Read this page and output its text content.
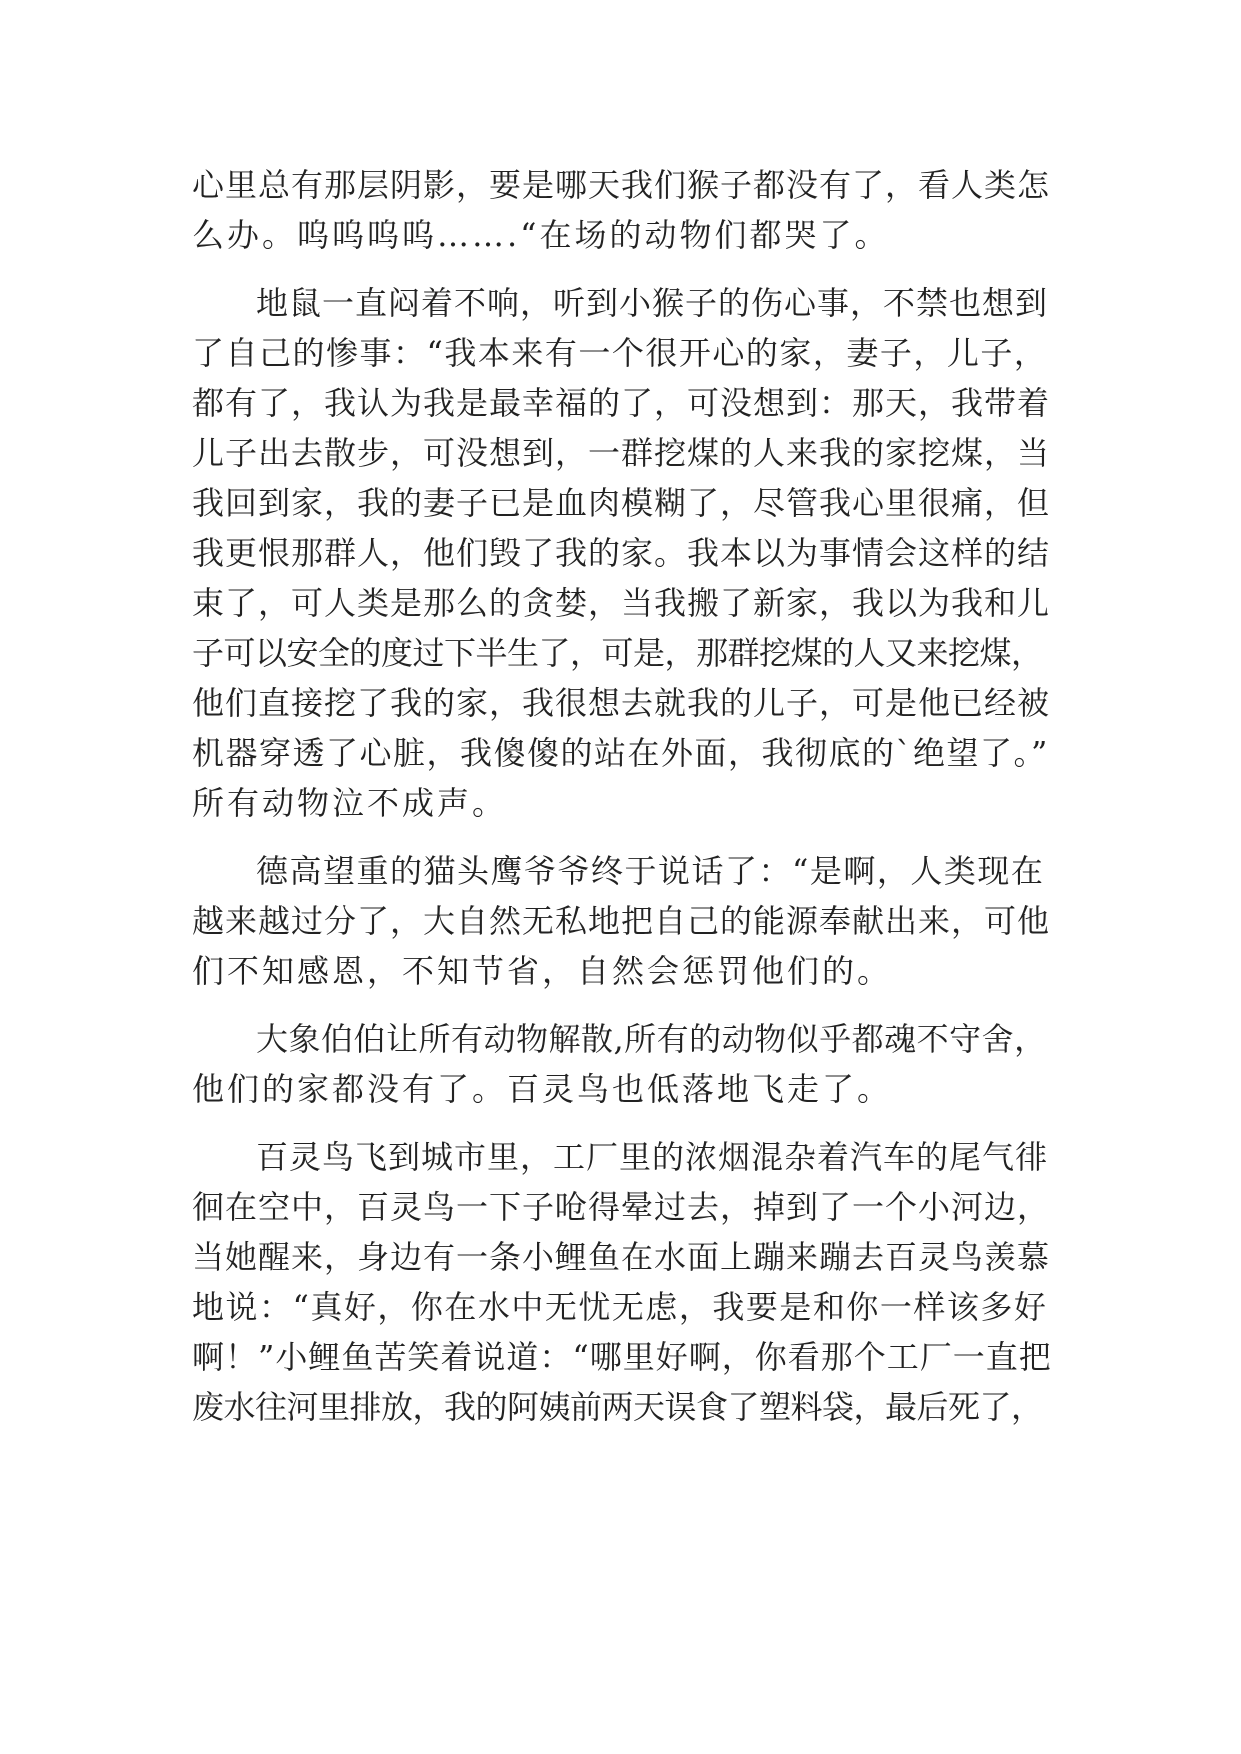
心里总有那层阴影，要是哪天我们猴子都没有了，看人类怎
么办。呜呜呜呜…….“在场的动物们都哭了。
地鼠一直闷着不响，听到小猴子的伤心事，不禁也想到
了自己的惨事：“我本来有一个很开心的家，妻子，儿子，
都有了，我认为我是最幸福的了，可没想到：那天，我带着
儿子出去散步，可没想到，一群挖煤的人来我的家挖煤，当
我回到家，我的妻子已是血肉模糊了，尽管我心里很痛，但
我更恨那群人，他们毁了我的家。我本以为事情会这样的结
束了，可人类是那么的贪婪，当我搬了新家，我以为我和儿
子可以安全的度过下半生了，可是，那群挖煤的人又来挖煤，
他们直接挖了我的家，我很想去就我的儿子，可是他已经被
机器穿透了心脏，我傻傻的站在外面，我彻底的`绝望了。”
所有动物泣不成声。
德高望重的猫头鹰爷爷终于说话了：“是啊，人类现在
越来越过分了，大自然无私地把自己的能源奉献出来，可他
们不知感恩，不知节省，自然会惩罚他们的。
大象伯伯让所有动物解散,所有的动物似乎都魂不守舍，
他们的家都没有了。百灵鸟也低落地飞走了。
百灵鸟飞到城市里，工厂里的浓烟混杂着汽车的尾气徘
徊在空中，百灵鸟一下子呛得晕过去，掉到了一个小河边，
当她醒来，身边有一条小鲤鱼在水面上蹦来蹦去百灵鸟羡慕
地说：“真好，你在水中无忧无虑，我要是和你一样该多好
啊！”小鲤鱼苦笑着说道：“哪里好啊，你看那个工厂一直把
废水往河里排放，我的阿姨前两天误食了塑料袋，最后死了，
